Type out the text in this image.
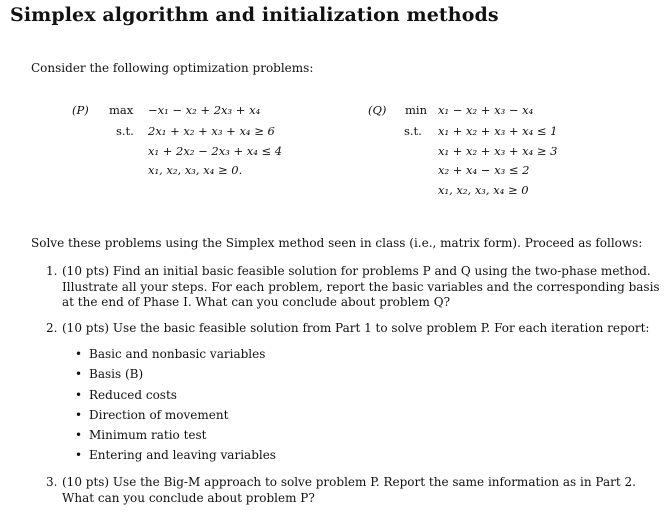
Simplex algorithm and initialization methods
Consider the following optimization problems:
(P) max −x₁ − x₂ + 2x₃ + x₄
s.t. 2x₁ + x₂ + x₃ + x₄ ≥ 6
x₁ + 2x₂ − 2x₃ + x₄ ≤ 4
x₁, x₂, x₃, x₄ ≥ 0.
(Q) min x₁ − x₂ + x₃ − x₄
s.t. x₁ + x₂ + x₃ + x₄ ≤ 1
x₁ + x₂ + x₃ + x₄ ≥ 3
x₂ + x₄ − x₃ ≤ 2
x₁, x₂, x₃, x₄ ≥ 0
Solve these problems using the Simplex method seen in class (i.e., matrix form). Proceed as follows:
1. (10 pts) Find an initial basic feasible solution for problems P and Q using the two-phase method.
Illustrate all your steps. For each problem, report the basic variables and the corresponding basis
at the end of Phase I. What can you conclude about problem Q?
2. (10 pts) Use the basic feasible solution from Part 1 to solve problem P. For each iteration report:
• Basic and nonbasic variables
• Basis (B)
• Reduced costs
• Direction of movement
• Minimum ratio test
• Entering and leaving variables
3. (10 pts) Use the Big-M approach to solve problem P. Report the same information as in Part 2.
What can you conclude about problem P?
